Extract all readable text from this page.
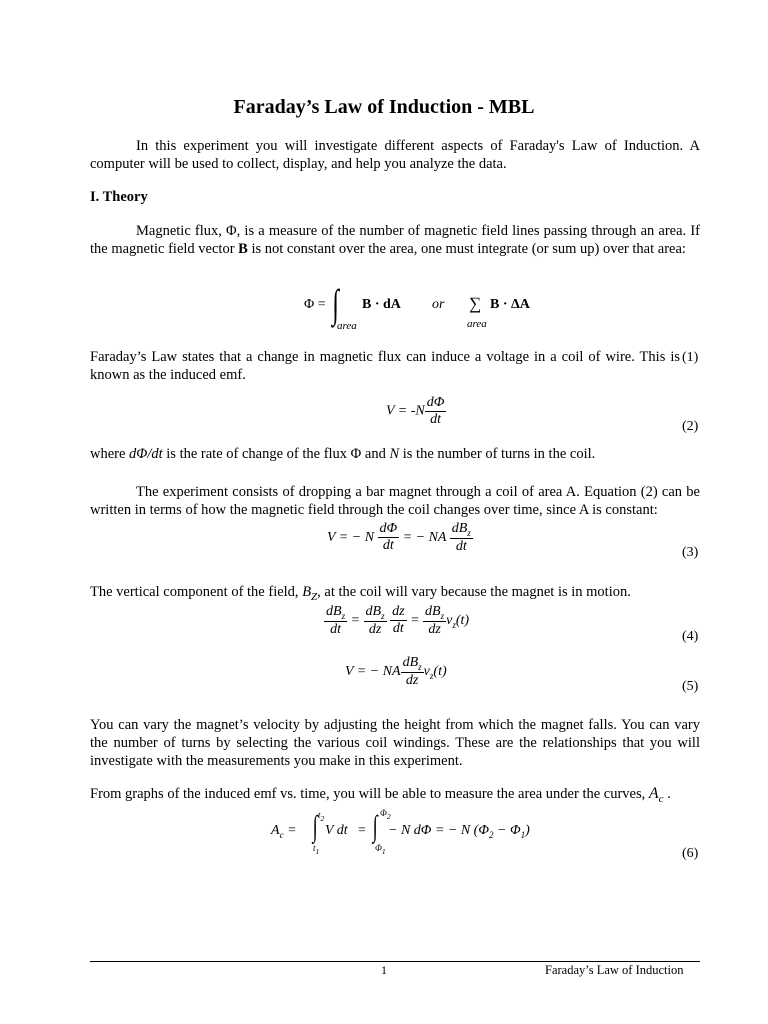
Faraday’s Law of Induction - MBL
In this experiment you will investigate different aspects of Faraday's Law of Induction. A computer will be used to collect, display, and help you analyze the data.
I. Theory
Magnetic flux, Φ, is a measure of the number of magnetic field lines passing through an area. If the magnetic field vector B is not constant over the area, one must integrate (or sum up) over that area:
Φ = ∫
area
B · dA or ∑ B · ΔA
area
(1)
Faraday’s Law states that a change in magnetic flux can induce a voltage in a coil of wire. This is known as the induced emf.
$V = -N \frac{d\Phi}{dt}$	(2)
where dΦ/dt is the rate of change of the flux Φ and N is the number of turns in the coil.
The experiment consists of dropping a bar magnet through a coil of area A. Equation (2) can be written in terms of how the magnetic field through the coil changes over time, since A is constant:
V = − N $\frac{d\Phi}{dt}$ = − NA $\frac{dB_z}{dt}$	(3)
The vertical component of the field, $B_Z$, at the coil will vary because the magnet is in motion.
$\frac{dB_z}{dt} = \frac{dB_z}{dz}$
$\frac{dz}{dt} = \frac{dB_z}{dz} v_z(t)$
(4)
V = − NA $\frac{dB_z}{dz} v_z(t)$
(5)
You can vary the magnet’s velocity by adjusting the height from which the magnet falls. You can vary the number of turns by selecting the various coil windings. These are the relationships that you will investigate with the measurements you make in this experiment.
From graphs of the induced emf vs. time, you will be able to measure the area under the curves, $A_c$ .
$A_c$ = ∫ $t_2$
$t_1$
V dt = ∫ $\Phi_2$
$\Phi_1$
− N dΦ = − N $(\Phi_2 - \Phi_1)$
(6)
1	Faraday’s Law of Induction
